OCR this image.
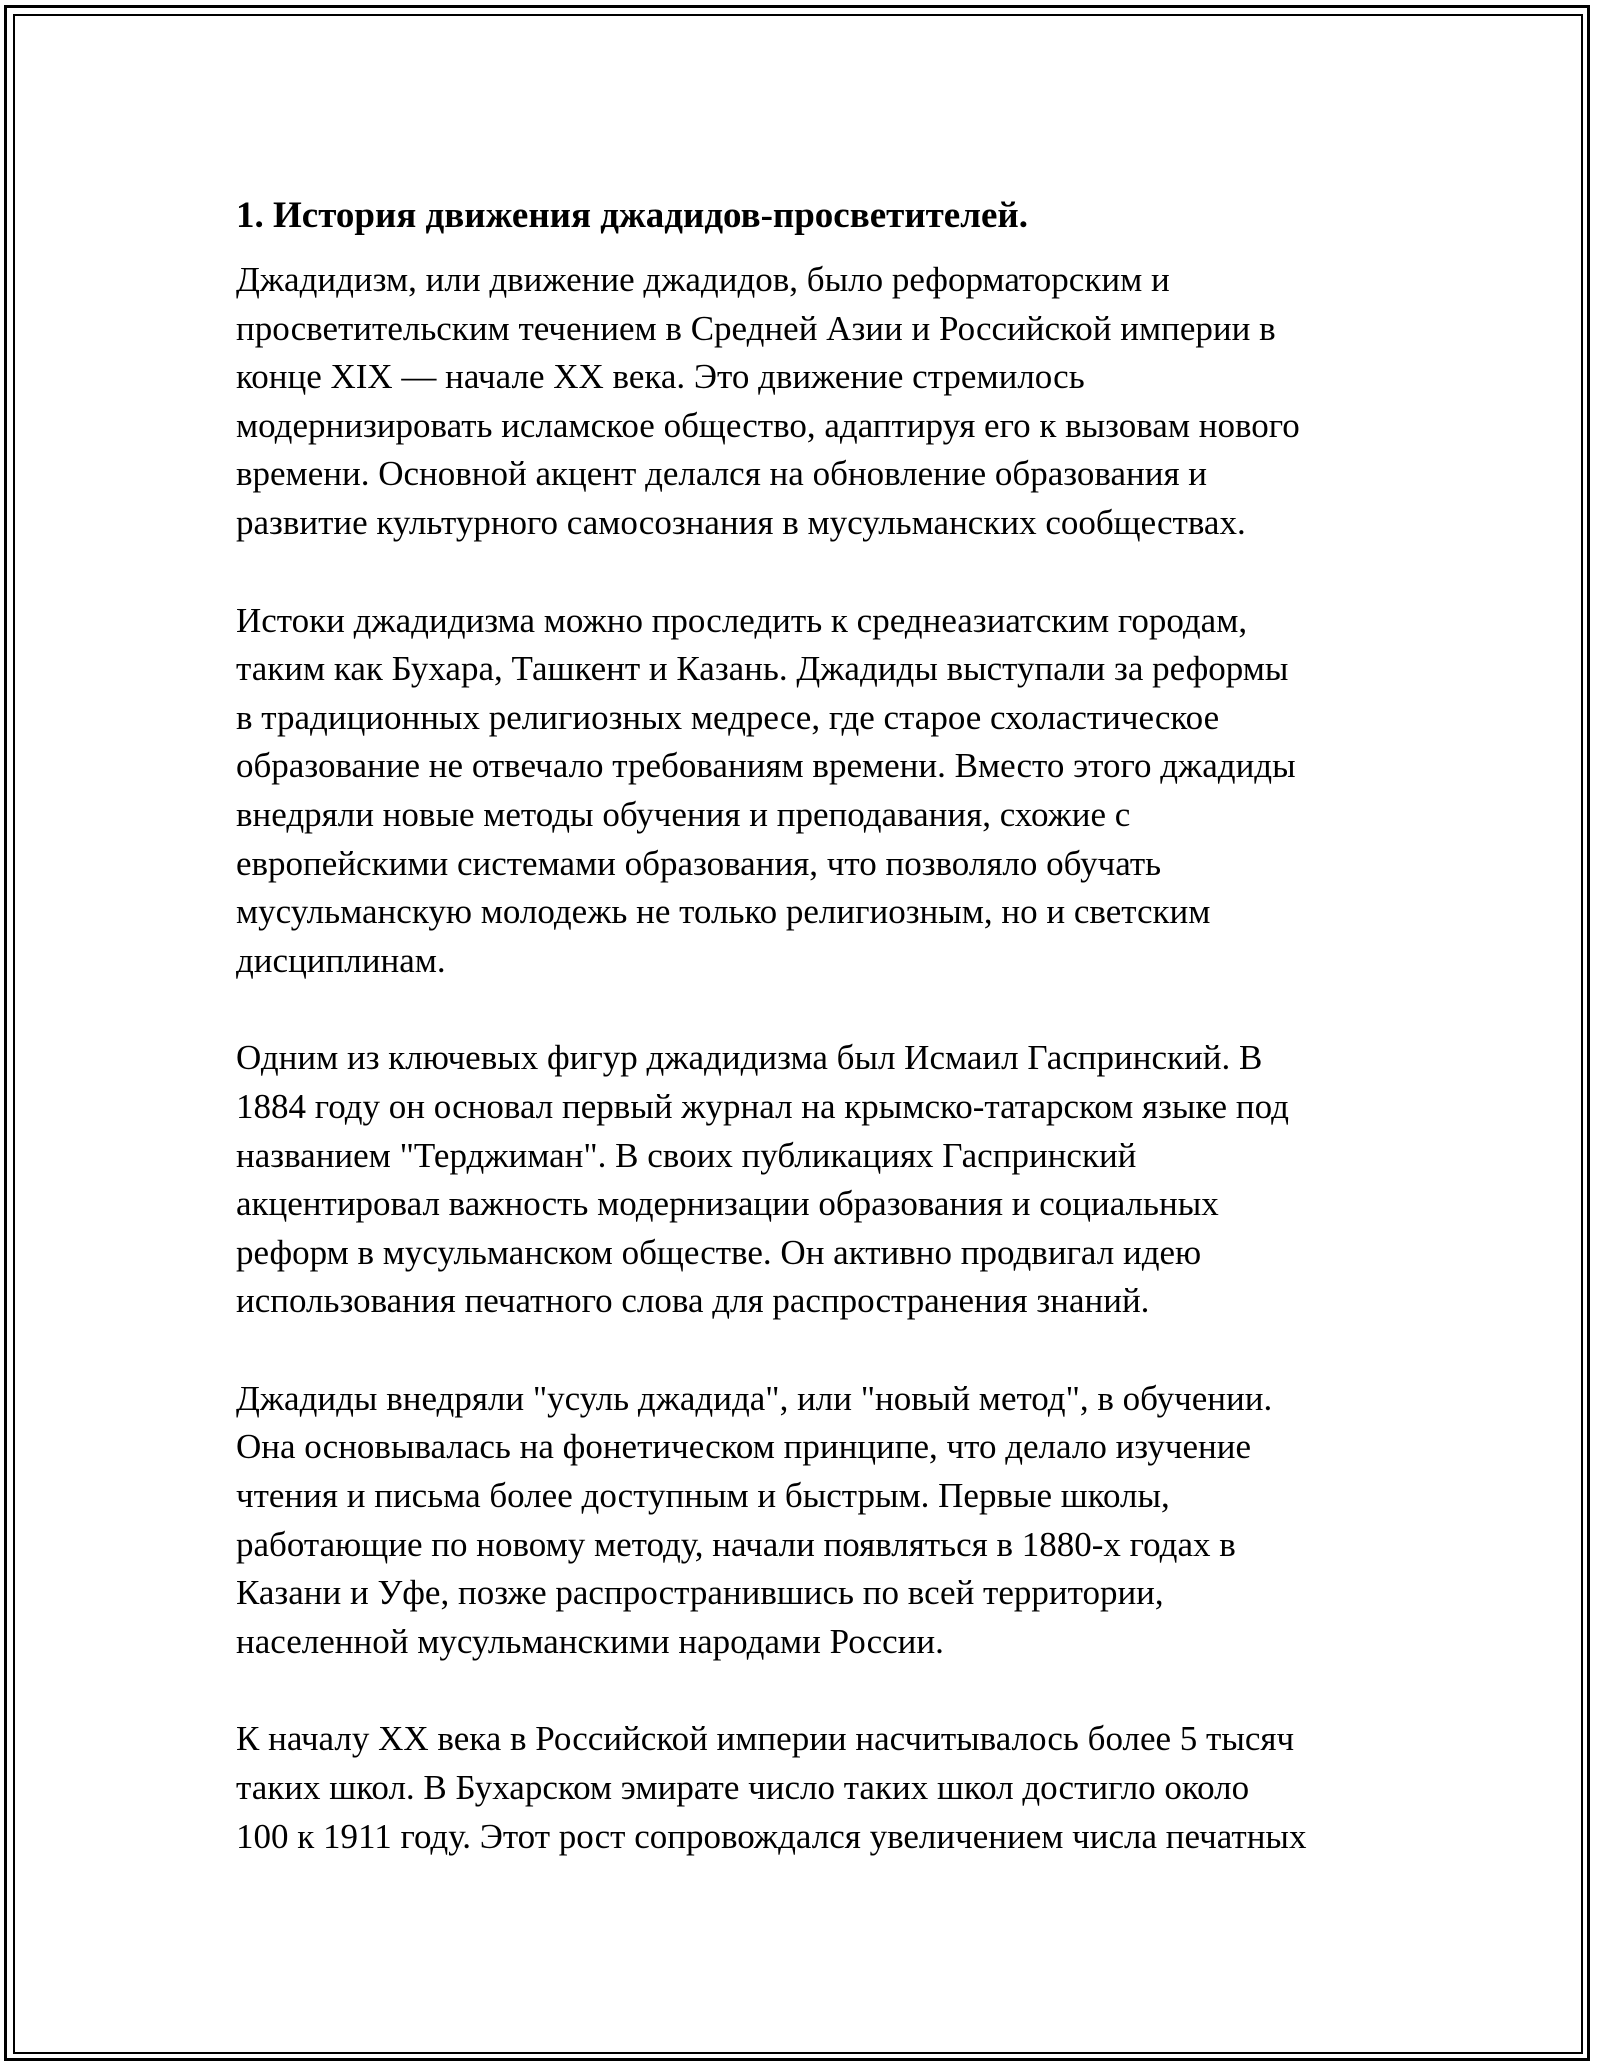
1. История движения джадидов-просветителей.

Джадидизм, или движение джадидов, было реформаторским и
просветительским течением в Средней Азии и Российской империи в
конце XIX — начале XX века. Это движение стремилось
модернизировать исламское общество, адаптируя его к вызовам нового
времени. Основной акцент делался на обновление образования и
развитие культурного самосознания в мусульманских сообществах.

Истоки джадидизма можно проследить к среднеазиатским городам,
таким как Бухара, Ташкент и Казань. Джадиды выступали за реформы
в традиционных религиозных медресе, где старое схоластическое
образование не отвечало требованиям времени. Вместо этого джадиды
внедряли новые методы обучения и преподавания, схожие с
европейскими системами образования, что позволяло обучать
мусульманскую молодежь не только религиозным, но и светским
дисциплинам.

Одним из ключевых фигур джадидизма был Исмаил Гаспринский. В
1884 году он основал первый журнал на крымско-татарском языке под
названием "Терджиман". В своих публикациях Гаспринский
акцентировал важность модернизации образования и социальных
реформ в мусульманском обществе. Он активно продвигал идею
использования печатного слова для распространения знаний.

Джадиды внедряли "усуль джадида", или "новый метод", в обучении.
Она основывалась на фонетическом принципе, что делало изучение
чтения и письма более доступным и быстрым. Первые школы,
работающие по новому методу, начали появляться в 1880-х годах в
Казани и Уфе, позже распространившись по всей территории,
населенной мусульманскими народами России.

К началу XX века в Российской империи насчитывалось более 5 тысяч
таких школ. В Бухарском эмирате число таких школ достигло около
100 к 1911 году. Этот рост сопровождался увеличением числа печатных
